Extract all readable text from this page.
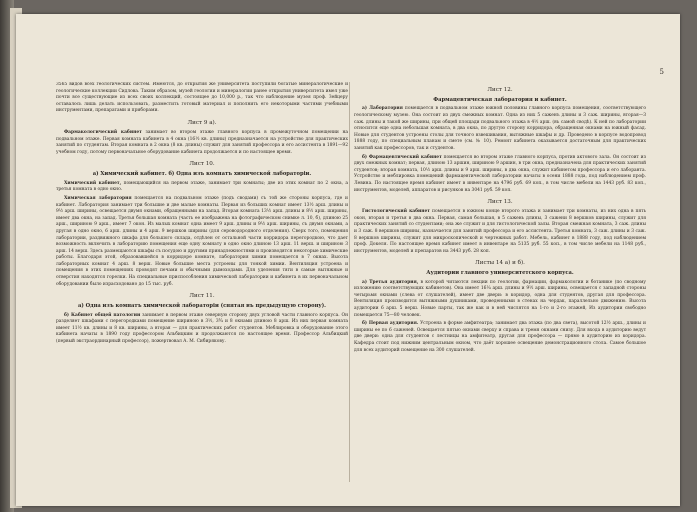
5

3565 видов всех геологических систем. Имеются, до открытия же университета поступили богатые минералогические и геологические коллекции Сидлова. Таким образом, музей геологии и минералогии ранее открытия университета имел уже почти все существующие из всех своих коллекций, состоящее до 10,000 р., так что наблюдение музея проф. Зейцеру оставалось лишь делать использовать, разместить готовый материал и пополнить его некоторыми частями учебными инструментами, препаратами и приборами.

Лист 9 а).

Фармакологический кабинет занимает во втором этаже главного корпуса в промежуточном помещении на подвальном этаже. Первая комната кабинета в 4 окна (16½ кв. длины) предназначается на устройство для практических занятий по студентам. Вторая комната в 2 окна (8 кв. длины) служит для занятий профессора и его ассистента в 1891—92 учебном году, потому первоначальное оборудование кабинета продолжается и по настоящее время.

Лист 10.
а) Химический кабинет. б) Одна изъ комнатъ химической лабораторіи.

Химический кабинет, помещающийся на первом этаже, занимает три комнаты; две из этих комнат по 2 окна, а третья комната в одно окно.

Химическая лаборатория помещается на подвальном этаже (подъ сводами) съ той же стороны корпуса, где и кабинет. Лаборатория занимает три большие и две малые комнаты. Первая из больших комнат имеет 13½ арш. длины и 9½ арш. ширины, освещается двумя окнами, обращенными на запад. Вторая комната 13½ арш. длины и 8½ арш. ширины, имеет два окна, на запад. Третья большая комната (часть ее изображена на фотографическом снимке л. 10, б), длиною 25 арш., шириною 9 арш., имеет 7 окон. Из малых комнат одна имеет 9 арш. длины и 9½ арш. ширины, съ двумя окнами, а другая в одно окно, 6 арш. длины и 4 арш. 9 вершков ширины (для сероводородного отделения). Сверх того, помещения лаборатории, раздвижного шкафа для большого склада, отдѣлен от остальной части корридора перегородкою, что дает возможность включить в лабораторию помещения еще одну комнату в одно окно длиною 13 арш. 11 верш. и шириною 3 арш. 14 верш. Здесь размещаются шкафы съ посудою и другими принадлежностями и производятся некоторые химические работы. Благодаря этой, образовавшейся в корридоре комнате, лаборатория химии помещается в 7 окнах. Высота лабораторных комнат 4 арш. 8 верш. Новые большие места устроены для тонкой химии. Вентиляция устроена и помещения в этих помещениях проводят печами и обычными дымоходами. Для уделения тяги в самые вытяжные и отверстия находятся горелки. На специальные приспособления химической лаборатории и кабинета в их первоначальном оборудовании было израсходовано до 15 тыс. руб.

Лист 11.
а) Одна изъ комнатъ химической лабораторіи (снятая въ предыдущую сторону).

б) Кабинет общей патологии занимает в первом этаже северную сторону двух угловой части главного корпуса. Он разделяет шкафами с перегородками помещение шириною в 3½, 3¾ и 8 окнами длиною 8 арш. Из них первая комната имеет 11½ кв. длины и 8 кв. ширины, а вторая — для практических работ студентов. Меблировка и оборудование этого кабинета начаты в 1890 году профессором Альбицким и продолжаются по настоящее время. Профессор Альбицкий (первый экстраординарный профессор), пожертвовал А. М. Сибирякову.

Лист 12.
Фармацевтическая лаборатория и кабинет.

а) Лаборатория помещается в подвальном этаже южной половины главного корпуса помещения, соответствующего геологическому музею. Она состоит из двух смежных комнат. Одна из них 5 саженъ длины и 3 саж. ширины, вторая—3 саж. длины и такой же ширины, при общей площади подвального этажа в 4½ арш. (въ самой сводѣ). К ней по лаборатории относится еще одна небольшая комната, в два окна, по другую сторону корридора, обращенная окнами на южный фасад. Новые для студентов устроены столы для точного взвешивания, вытяжные шкафы и др. Проведено в корпусе водопровод 1888 году, по специальным планам и смете (см. № 10). Ремонт кабинета оказывается достаточным для практических занятий как профессоров, так и студентов.

б) Фармацевтический кабинет помещается во втором этаже главного корпуса, против актового зала. Он состоит из двух смежных комнат; первая, длиною 13 аршин, шириною 9 аршин, в три окна, предназначена для практических занятий студентов; вторая комната, 10½ арш. длины и 9 арш. ширины, в два окна, служит кабинетом профессора и его лаборанта. Устройство и меблировка помещений фармацевтической лаборатории начаты в осени 1888 года, под наблюдением проф. Левина. По настоящее время кабинет имеет в инвентаре на 4796 руб. 69 коп., в том числе мебели на 1443 руб. 83 коп., инструментов, моделей, аппаратов и рисунков на 3041 руб. 59 коп.

Лист 13.

Гистологический кабинет помещается в южном конце второго этажа и занимает три комнаты, из них одна в пять окон, вторая и третья в два окна. Первая, самая большая, в 5 сажень длины, 3 сажени 8 вершков ширины, служит для практических занятий со студентами; она же служит и для гистологической залы. Вторая смежная комната, 3 саж. длины и 3 саж. 8 вершков ширины, назначается для занятий профессора и его ассистента. Третья комната, 3 саж. длины и 3 саж. 8 вершков ширины, служит для микроскопической и чертежных работ. Мебель, кабинет в 1888 году, под наблюдением проф. Докеля. По настоящее время кабинет имеет в инвентаре на 5135 руб. 55 коп., в том числе мебели на 1148 руб., инструментов, моделей и препаратов на 3443 руб. 28 коп.

Листы 14 а) и б).
Аудитории главного университетского корпуса.

а) Третья аудитория, в которой читаются лекции по геологии, фармации, фармакологии и ботанике (по сводному изложению соответствующих кабинетов). Она имеет 16¼ арш. длины и 9½ арш. ширины, освещается с западной стороны четырьмя окнами (слева от слушателей), имеет две двери: в коридор, одна для студентов, другая для профессора. Вентиляция производится вытяжными душниками, проведенными в стенах на чердак, параллельно движению. Высота аудитории 6 арш. 5 верш. Новые парты, так же как и в ней числятся на 1-го и 2-го этажей, Из аудитории свободно помещается 75—80 человек.

б) Первая аудитория. Устроена в форме амфитеатра; занимает два этажа (по два света), высотой 12½ арш., длины и ширины ее по 6 саженей. Освещается пятью окнами сверху и справа и тремя окнами снизу. Для входа в аудиторию ведут две двери: одна для студентов с лестницы на амфитеатр, другая для профессора — прямо в аудиторию из коридора. Кафедра стоит под нижним центральным окном, что даёт хорошее освещение демонстрационного стола. Самое большое для всех аудиторий помещение на 300 слушателей.
